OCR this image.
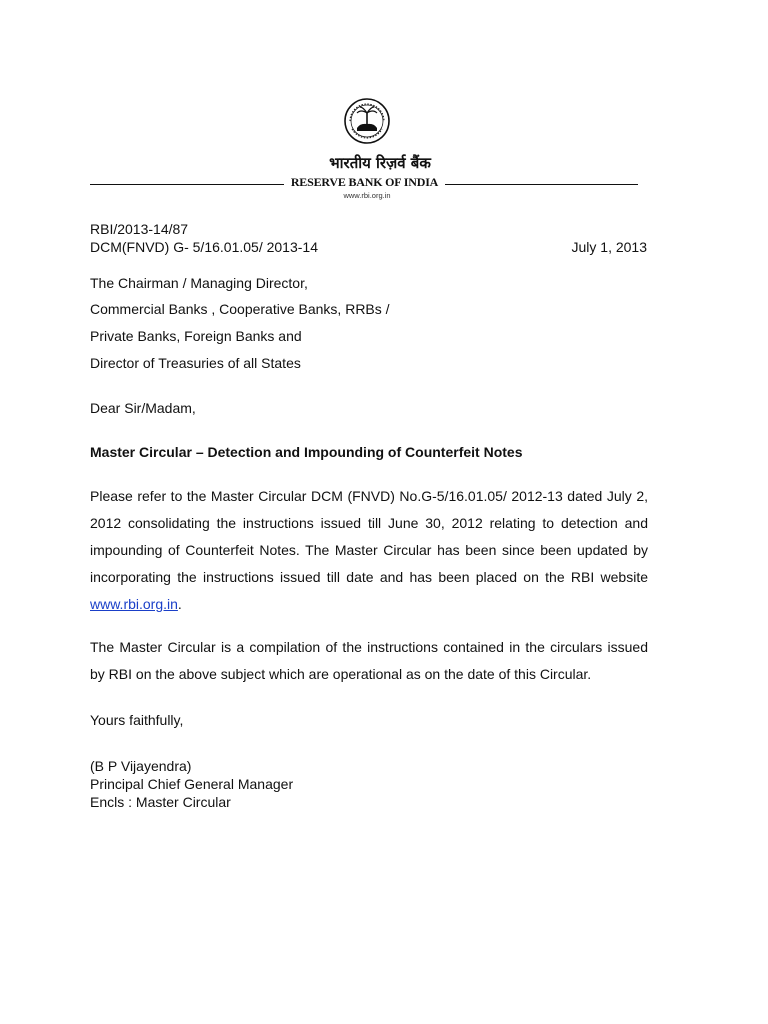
भारतीय रिज़र्व बैंक
RESERVE BANK OF INDIA
www.rbi.org.in
RBI/2013-14/87
DCM(FNVD) G- 5/16.01.05/ 2013-14	July 1, 2013
The Chairman / Managing Director,
Commercial Banks , Cooperative Banks, RRBs /
Private Banks, Foreign Banks and
Director of Treasuries of all States
Dear Sir/Madam,
Master Circular – Detection and Impounding of Counterfeit Notes

Please refer to the Master Circular DCM (FNVD) No.G-5/16.01.05/ 2012-13 dated July 2, 2012 consolidating the instructions issued till June 30, 2012 relating to detection and impounding of Counterfeit Notes. The Master Circular has been since been updated by incorporating the instructions issued till date and has been placed on the RBI website www.rbi.org.in.

The Master Circular is a compilation of the instructions contained in the circulars issued by RBI on the above subject which are operational as on the date of this Circular.

Yours faithfully,
(B P Vijayendra)
Principal Chief General Manager
Encls : Master Circular
